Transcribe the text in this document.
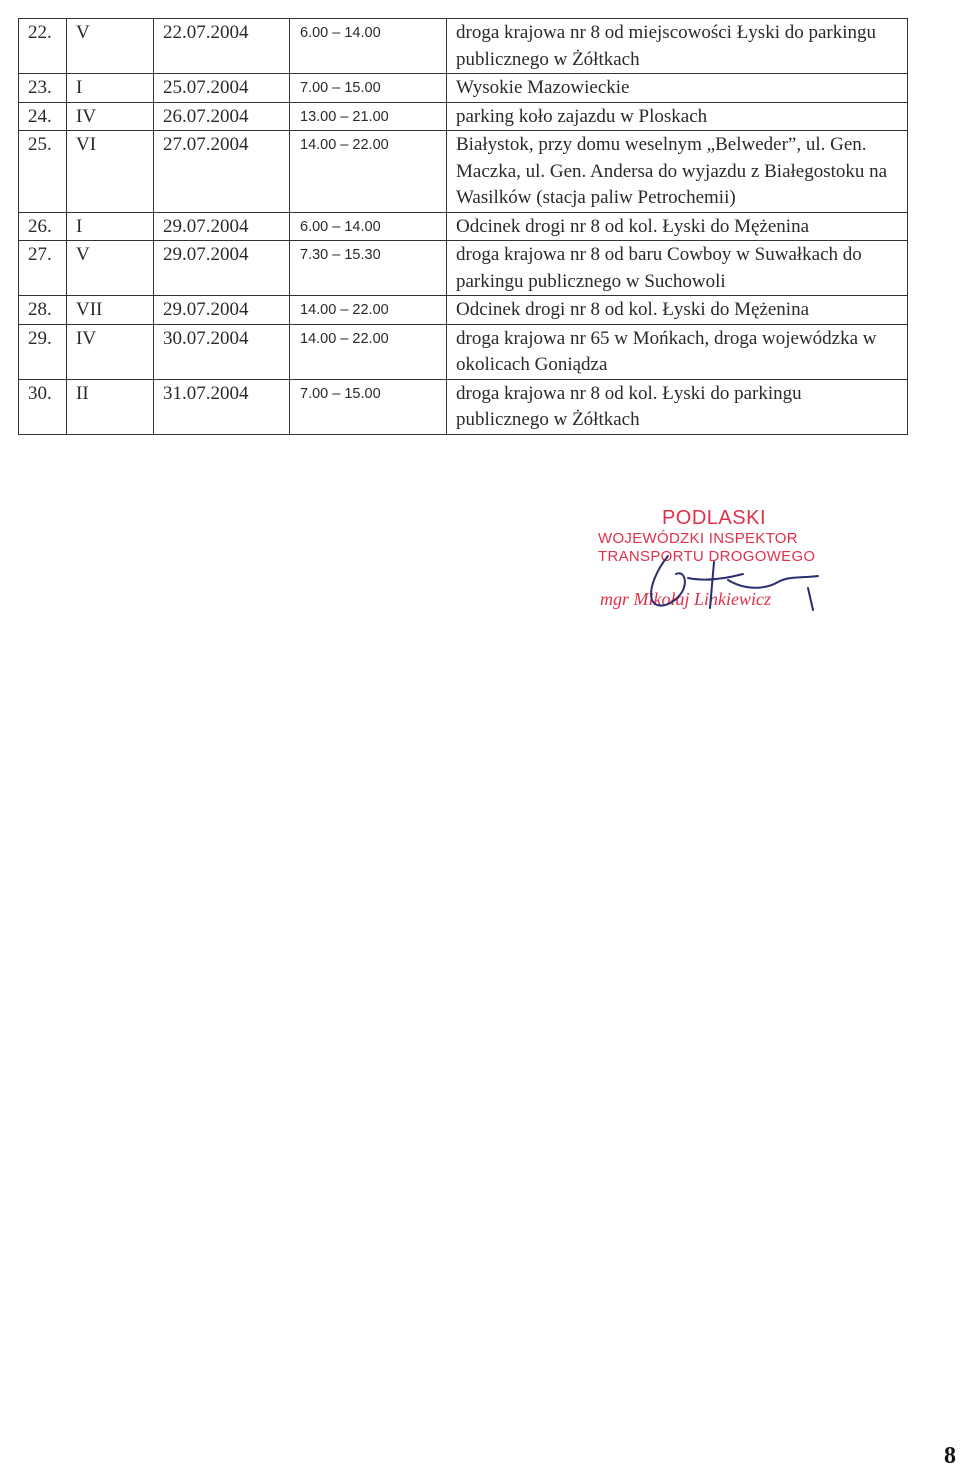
22.	V	22.07.2004	6.00 – 14.00	droga krajowa nr 8 od miejscowości Łyski do parkingu publicznego w Żółtkach
23.	I	25.07.2004	7.00 – 15.00	Wysokie Mazowieckie
24.	IV	26.07.2004	13.00 – 21.00	parking koło zajazdu w Ploskach
25.	VI	27.07.2004	14.00 – 22.00	Białystok, przy domu weselnym „Belweder”, ul. Gen. Maczka, ul. Gen. Andersa do wyjazdu z Białegostoku na Wasilków (stacja paliw Petrochemii)
26.	I	29.07.2004	6.00 – 14.00	Odcinek drogi nr 8 od kol. Łyski do Mężenina
27.	V	29.07.2004	7.30 – 15.30	droga krajowa nr 8 od baru Cowboy w Suwałkach do parkingu publicznego w Suchowoli
28.	VII	29.07.2004	14.00 – 22.00	Odcinek drogi nr 8 od kol. Łyski do Mężenina
29.	IV	30.07.2004	14.00 – 22.00	droga krajowa nr 65 w Mońkach, droga wojewódzka w okolicach Goniądza
30.	II	31.07.2004	7.00 – 15.00	droga krajowa nr 8 od kol. Łyski do parkingu publicznego w Żółtkach
PODLASKI
WOJEWÓDZKI INSPEKTOR
TRANSPORTU DROGOWEGO
mgr Mikołaj Linkiewicz
8
